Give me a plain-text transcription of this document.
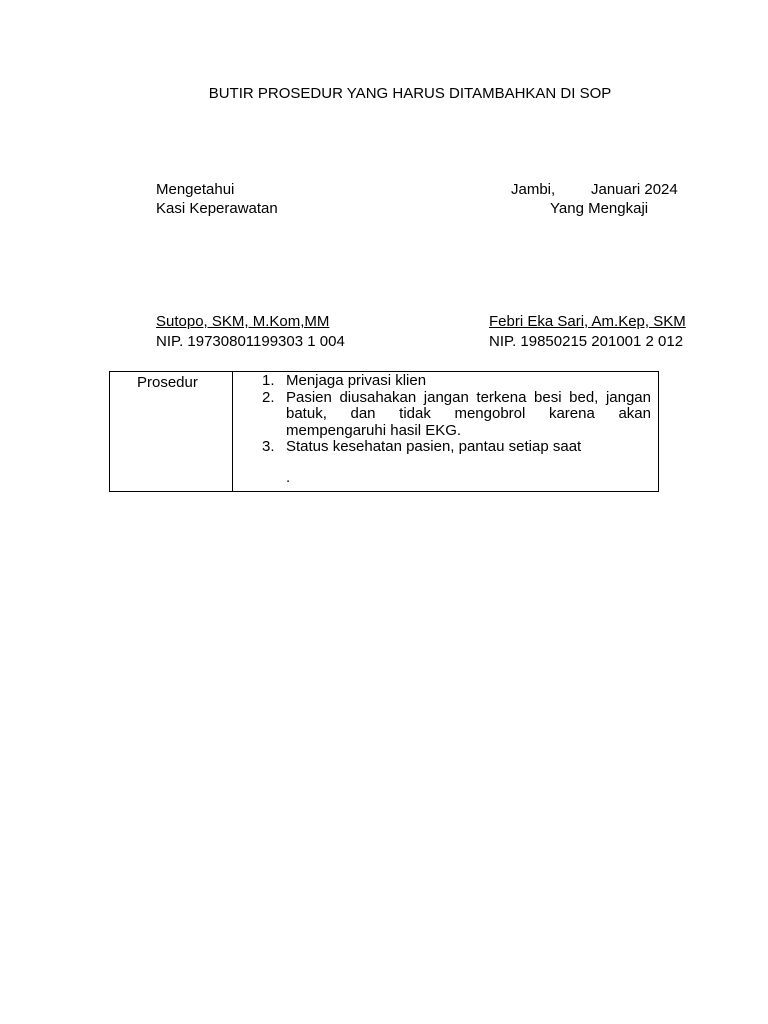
BUTIR PROSEDUR YANG HARUS DITAMBAHKAN DI SOP
Mengetahui
Kasi Keperawatan
Jambi, Januari 2024
Yang Mengkaji
Sutopo, SKM, M.Kom,MM
NIP. 19730801199303 1 004
Febri Eka Sari, Am.Kep, SKM
NIP. 19850215 201001 2 012
Prosedur	1. Menjaga privasi klien
2. Pasien diusahakan jangan terkena besi bed, jangan batuk, dan tidak mengobrol karena akan mempengaruhi hasil EKG.
3. Status kesehatan pasien, pantau setiap saat
.
